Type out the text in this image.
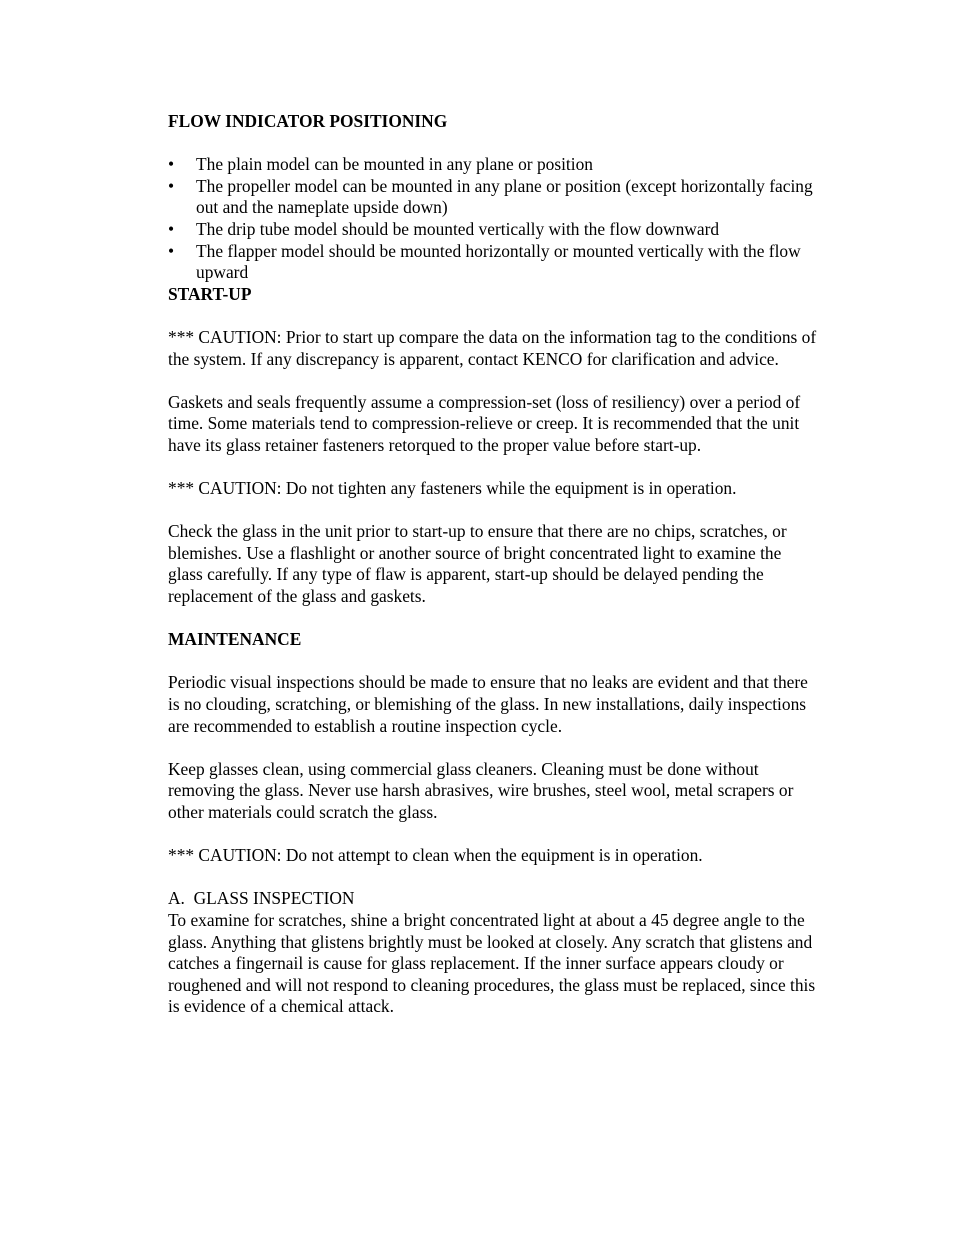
FLOW INDICATOR POSITIONING

• The plain model can be mounted in any plane or position
• The propeller model can be mounted in any plane or position (except horizontally facing out and the nameplate upside down)
• The drip tube model should be mounted vertically with the flow downward
• The flapper model should be mounted horizontally or mounted vertically with the flow upward

START-UP

*** CAUTION: Prior to start up compare the data on the information tag to the conditions of the system. If any discrepancy is apparent, contact KENCO for clarification and advice.

Gaskets and seals frequently assume a compression-set (loss of resiliency) over a period of time. Some materials tend to compression-relieve or creep. It is recommended that the unit have its glass retainer fasteners retorqued to the proper value before start-up.

*** CAUTION: Do not tighten any fasteners while the equipment is in operation.

Check the glass in the unit prior to start-up to ensure that there are no chips, scratches, or blemishes. Use a flashlight or another source of bright concentrated light to examine the glass carefully. If any type of flaw is apparent, start-up should be delayed pending the replacement of the glass and gaskets.

MAINTENANCE

Periodic visual inspections should be made to ensure that no leaks are evident and that there is no clouding, scratching, or blemishing of the glass. In new installations, daily inspections are recommended to establish a routine inspection cycle.

Keep glasses clean, using commercial glass cleaners. Cleaning must be done without removing the glass. Never use harsh abrasives, wire brushes, steel wool, metal scrapers or other materials could scratch the glass.

*** CAUTION: Do not attempt to clean when the equipment is in operation.

A.  GLASS INSPECTION

To examine for scratches, shine a bright concentrated light at about a 45 degree angle to the glass. Anything that glistens brightly must be looked at closely. Any scratch that glistens and catches a fingernail is cause for glass replacement. If the inner surface appears cloudy or roughened and will not respond to cleaning procedures, the glass must be replaced, since this is evidence of a chemical attack.
